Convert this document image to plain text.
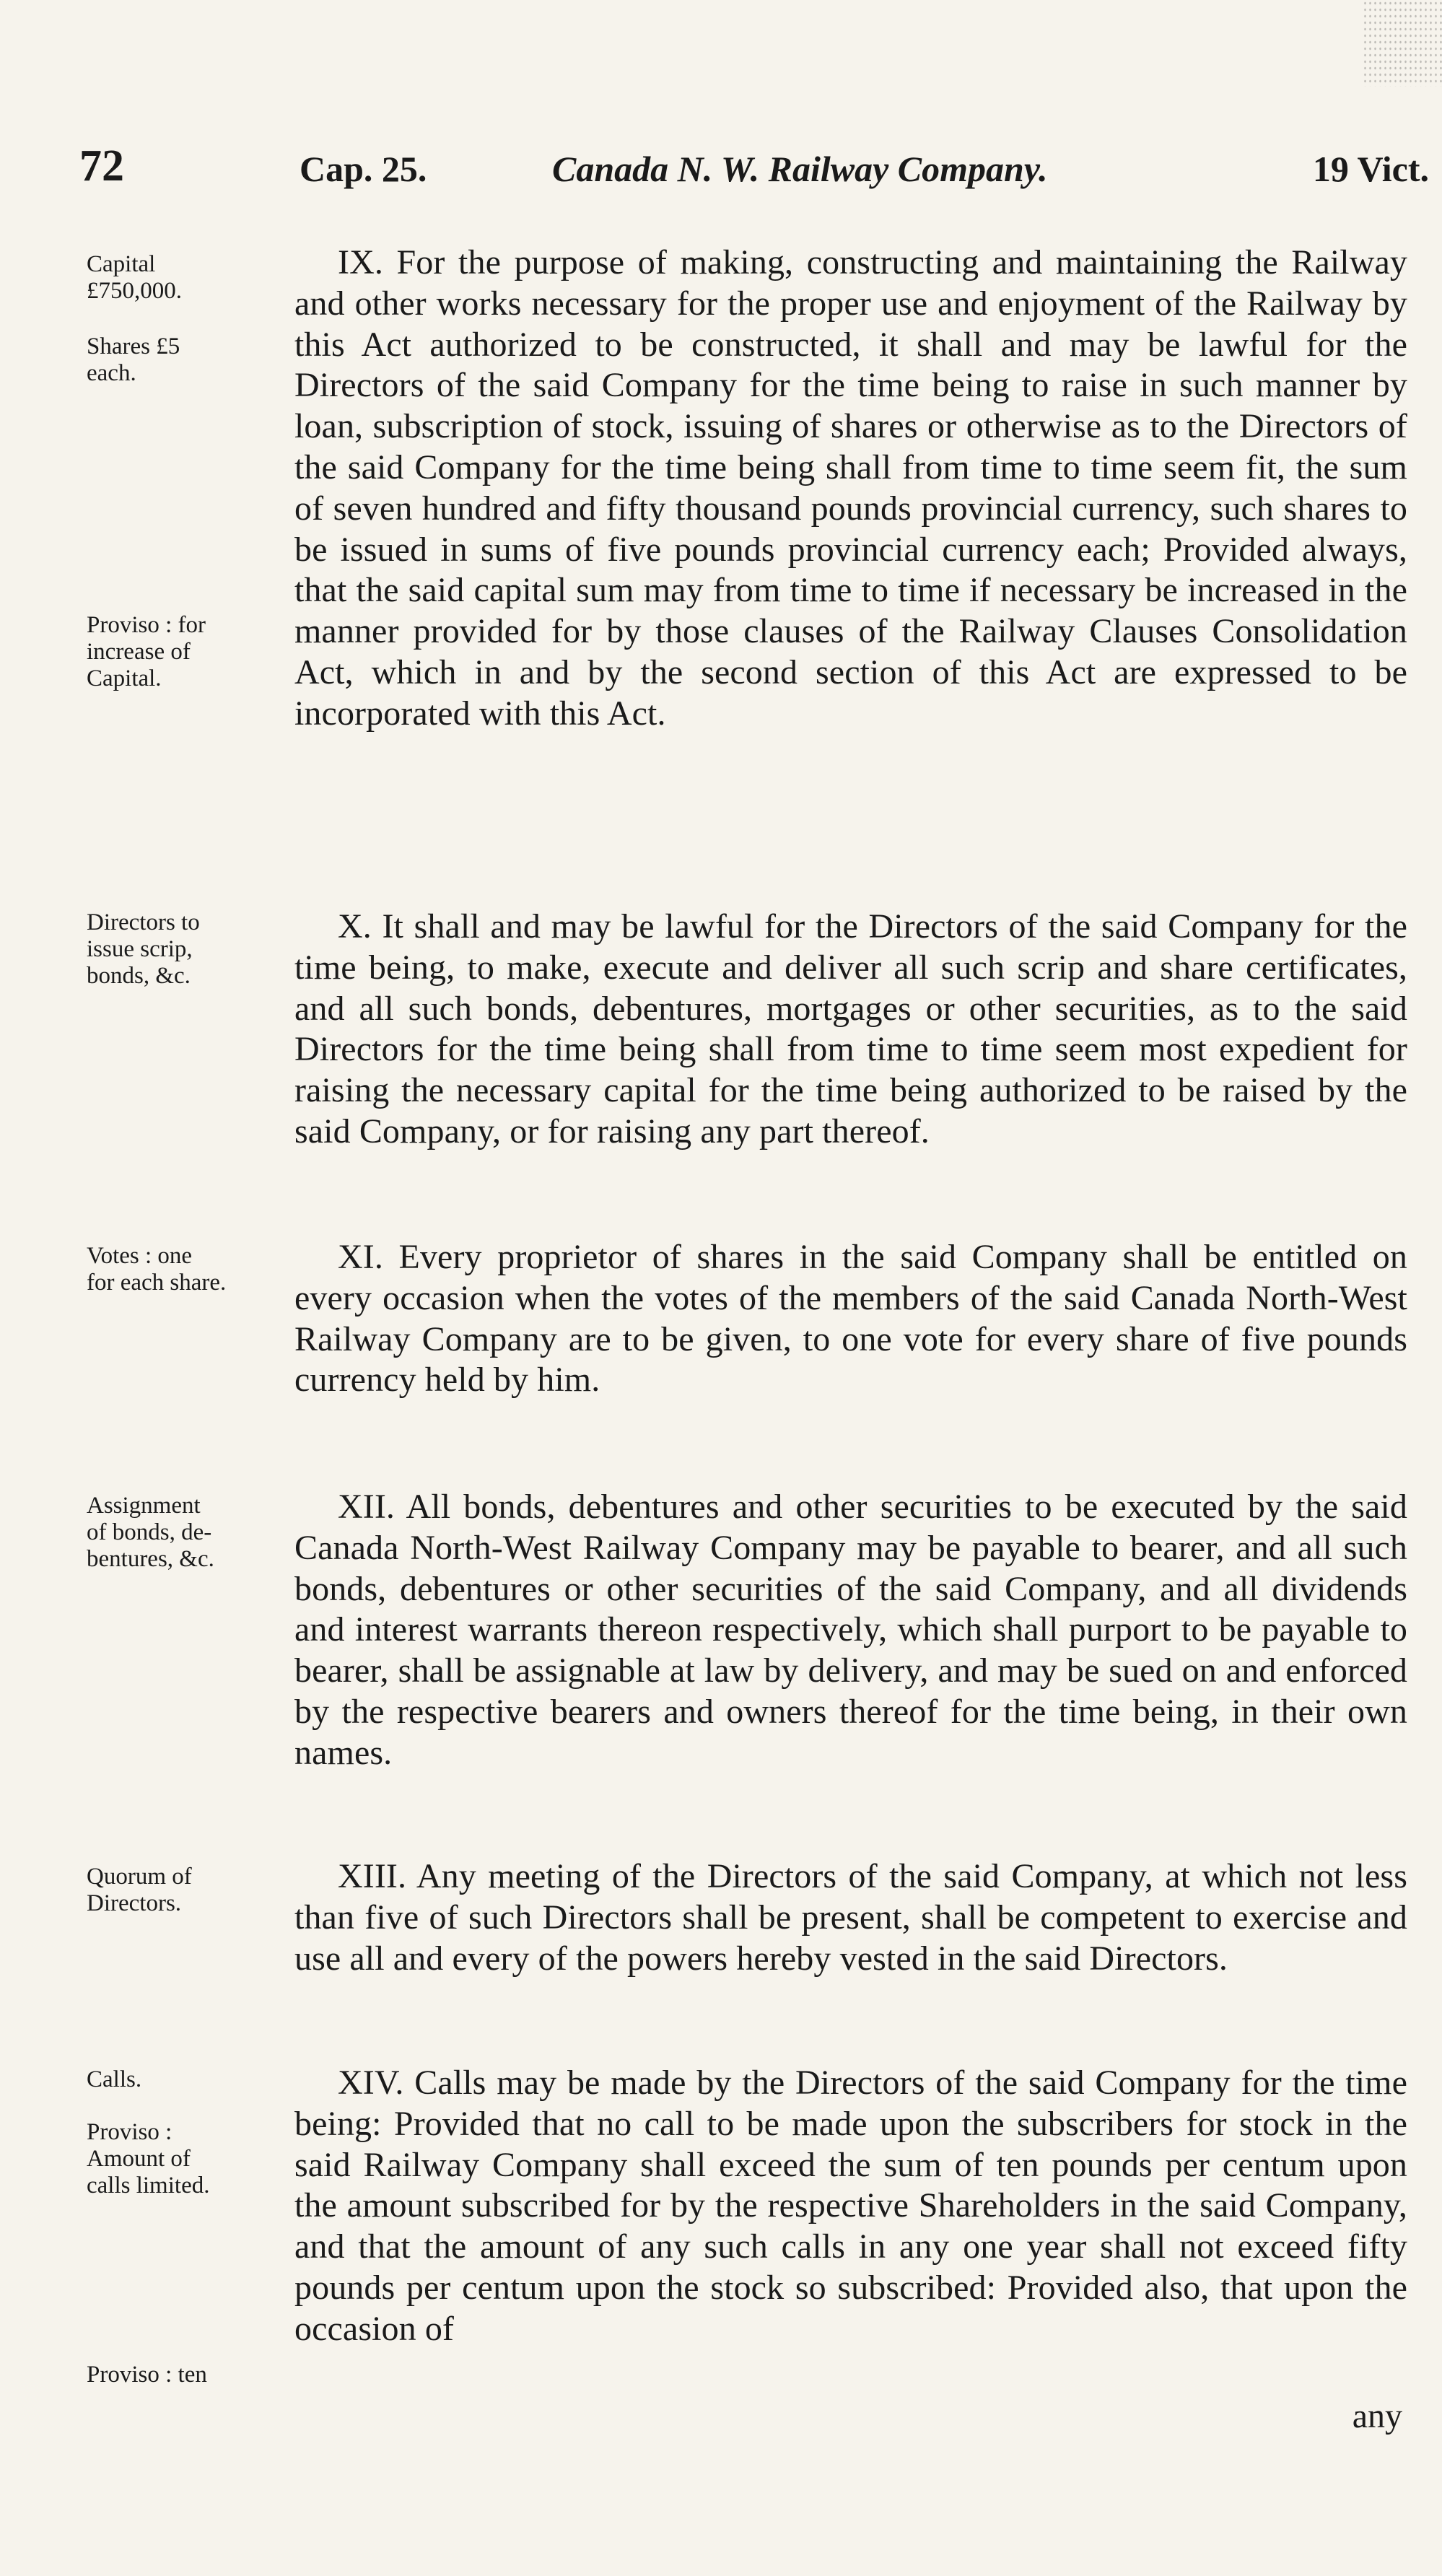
72	Cap. 25.	Canada N. W. Railway Company.	19 Vict.
Capital
£750,000.
Shares £5
each.
Proviso : for
increase of
Capital.
Directors to
issue scrip,
bonds, &c.
Votes : one
for each share.
Assignment
of bonds, de-
bentures, &c.
Quorum of
Directors.
Calls.
Proviso :
Amount of
calls limited.
Proviso : ten
IX. For the purpose of making, constructing and maintaining the Railway and other works necessary for the proper use and enjoyment of the Railway by this Act authorized to be constructed, it shall and may be lawful for the Directors of the said Company for the time being to raise in such manner by loan, subscription of stock, issuing of shares or otherwise as to the Directors of the said Company for the time being shall from time to time seem fit, the sum of seven hundred and fifty thousand pounds provincial currency, such shares to be issued in sums of five pounds provincial currency each; Provided always, that the said capital sum may from time to time if necessary be increased in the manner provided for by those clauses of the Railway Clauses Consolidation Act, which in and by the second section of this Act are expressed to be incorporated with this Act.
X. It shall and may be lawful for the Directors of the said Company for the time being, to make, execute and deliver all such scrip and share certificates, and all such bonds, debentures, mortgages or other securities, as to the said Directors for the time being shall from time to time seem most expedient for raising the necessary capital for the time being authorized to be raised by the said Company, or for raising any part thereof.
XI. Every proprietor of shares in the said Company shall be entitled on every occasion when the votes of the members of the said Canada North-West Railway Company are to be given, to one vote for every share of five pounds currency held by him.
XII. All bonds, debentures and other securities to be executed by the said Canada North-West Railway Company may be payable to bearer, and all such bonds, debentures or other securities of the said Company, and all dividends and interest warrants thereon respectively, which shall purport to be payable to bearer, shall be assignable at law by delivery, and may be sued on and enforced by the respective bearers and owners thereof for the time being, in their own names.
XIII. Any meeting of the Directors of the said Company, at which not less than five of such Directors shall be present, shall be competent to exercise and use all and every of the powers hereby vested in the said Directors.
XIV. Calls may be made by the Directors of the said Company for the time being: Provided that no call to be made upon the subscribers for stock in the said Railway Company shall exceed the sum of ten pounds per centum upon the amount subscribed for by the respective Shareholders in the said Company, and that the amount of any such calls in any one year shall not exceed fifty pounds per centum upon the stock so subscribed: Provided also, that upon the occasion of
any
